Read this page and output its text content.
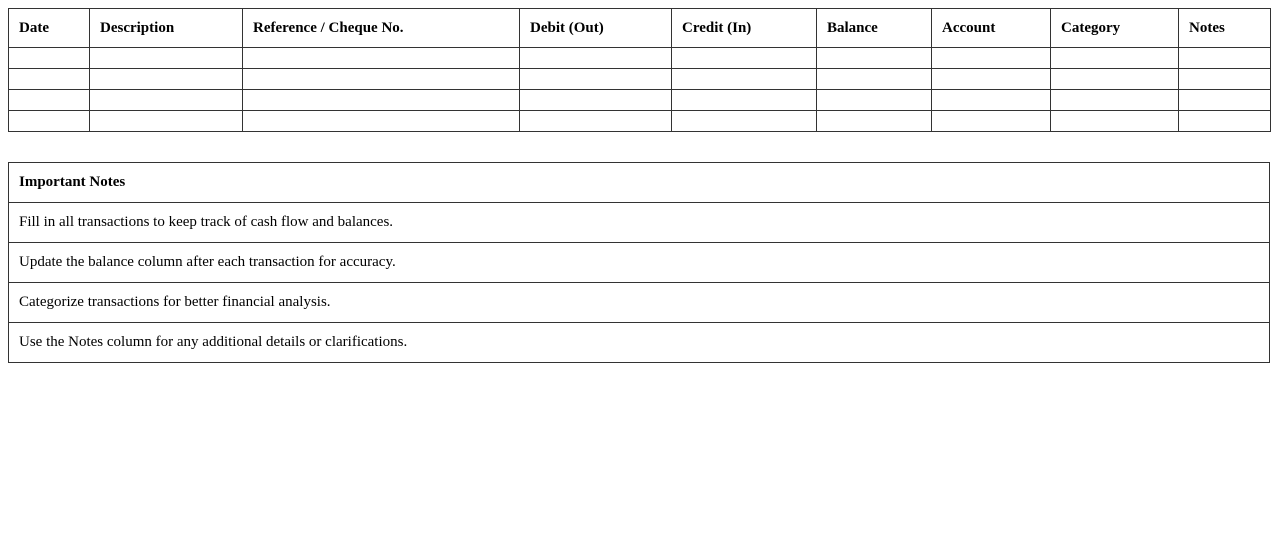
Date	Description	Reference / Cheque No.	Debit (Out)	Credit (In)	Balance	Account	Category	Notes

Important Notes
Fill in all transactions to keep track of cash flow and balances.
Update the balance column after each transaction for accuracy.
Categorize transactions for better financial analysis.
Use the Notes column for any additional details or clarifications.
